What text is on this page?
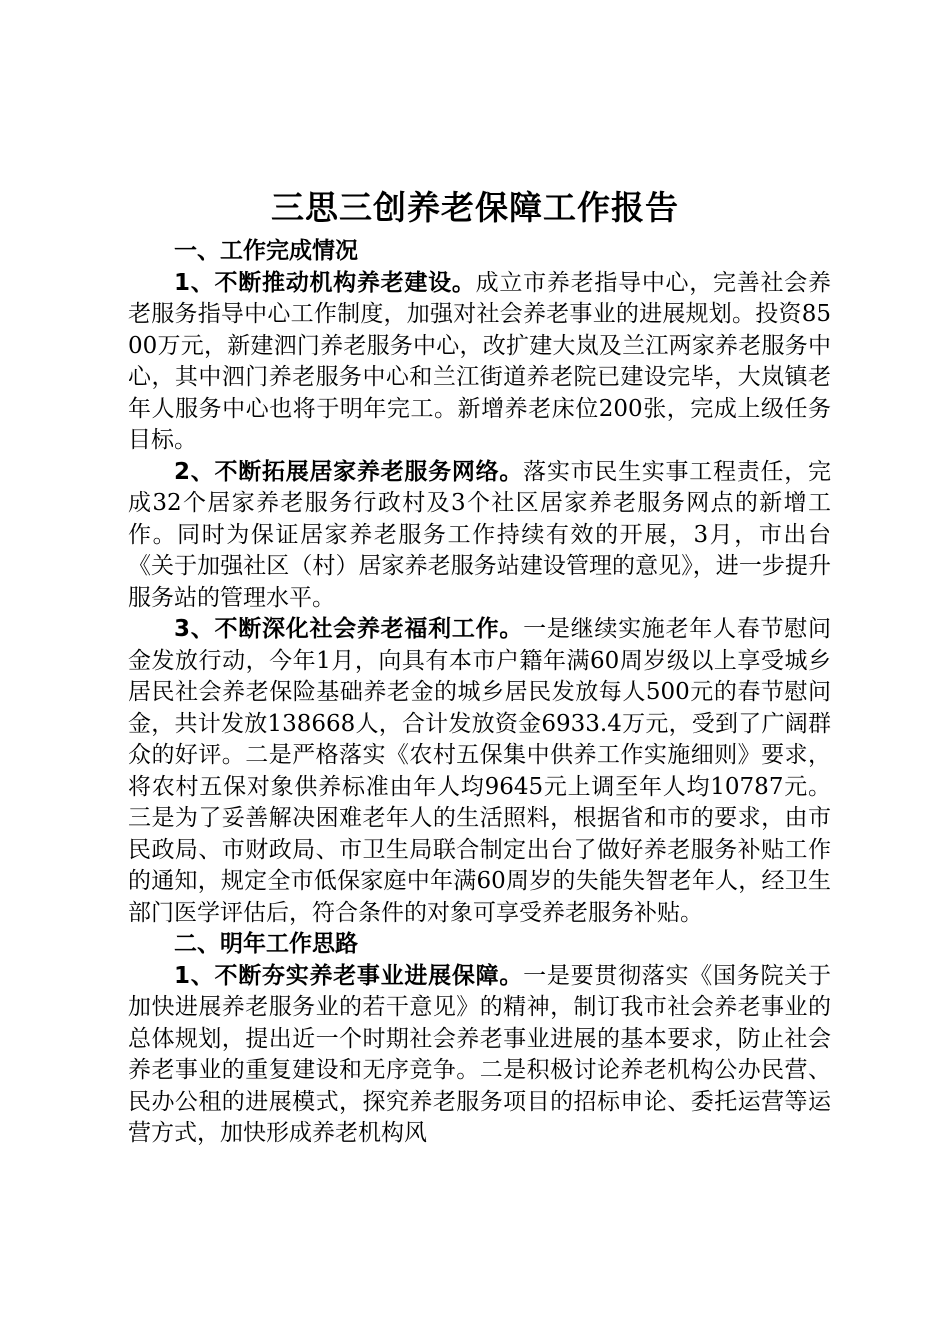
三思三创养老保障工作报告

一、工作完成情况

1、不断推动机构养老建设。成立市养老指导中心，完善社会养老服务指导中心工作制度，加强对社会养老事业的进展规划。投资8500万元，新建泗门养老服务中心，改扩建大岚及兰江两家养老服务中心，其中泗门养老服务中心和兰江街道养老院已建设完毕，大岚镇老年人服务中心也将于明年完工。新增养老床位200张，完成上级任务目标。

2、不断拓展居家养老服务网络。落实市民生实事工程责任，完成32个居家养老服务行政村及3个社区居家养老服务网点的新增工作。同时为保证居家养老服务工作持续有效的开展，3月，市出台《关于加强社区（村）居家养老服务站建设管理的意见》，进一步提升服务站的管理水平。

3、不断深化社会养老福利工作。一是继续实施老年人春节慰问金发放行动，今年1月，向具有本市户籍年满60周岁级以上享受城乡居民社会养老保险基础养老金的城乡居民发放每人500元的春节慰问金，共计发放138668人，合计发放资金6933.4万元，受到了广阔群众的好评。二是严格落实《农村五保集中供养工作实施细则》要求，将农村五保对象供养标准由年人均9645元上调至年人均10787元。三是为了妥善解决困难老年人的生活照料，根据省和市的要求，由市民政局、市财政局、市卫生局联合制定出台了做好养老服务补贴工作的通知，规定全市低保家庭中年满60周岁的失能失智老年人，经卫生部门医学评估后，符合条件的对象可享受养老服务补贴。

二、明年工作思路

1、不断夯实养老事业进展保障。一是要贯彻落实《国务院关于加快进展养老服务业的若干意见》的精神，制订我市社会养老事业的总体规划，提出近一个时期社会养老事业进展的基本要求，防止社会养老事业的重复建设和无序竞争。二是积极讨论养老机构公办民营、民办公租的进展模式，探究养老服务项目的招标申论、委托运营等运营方式，加快形成养老机构风
